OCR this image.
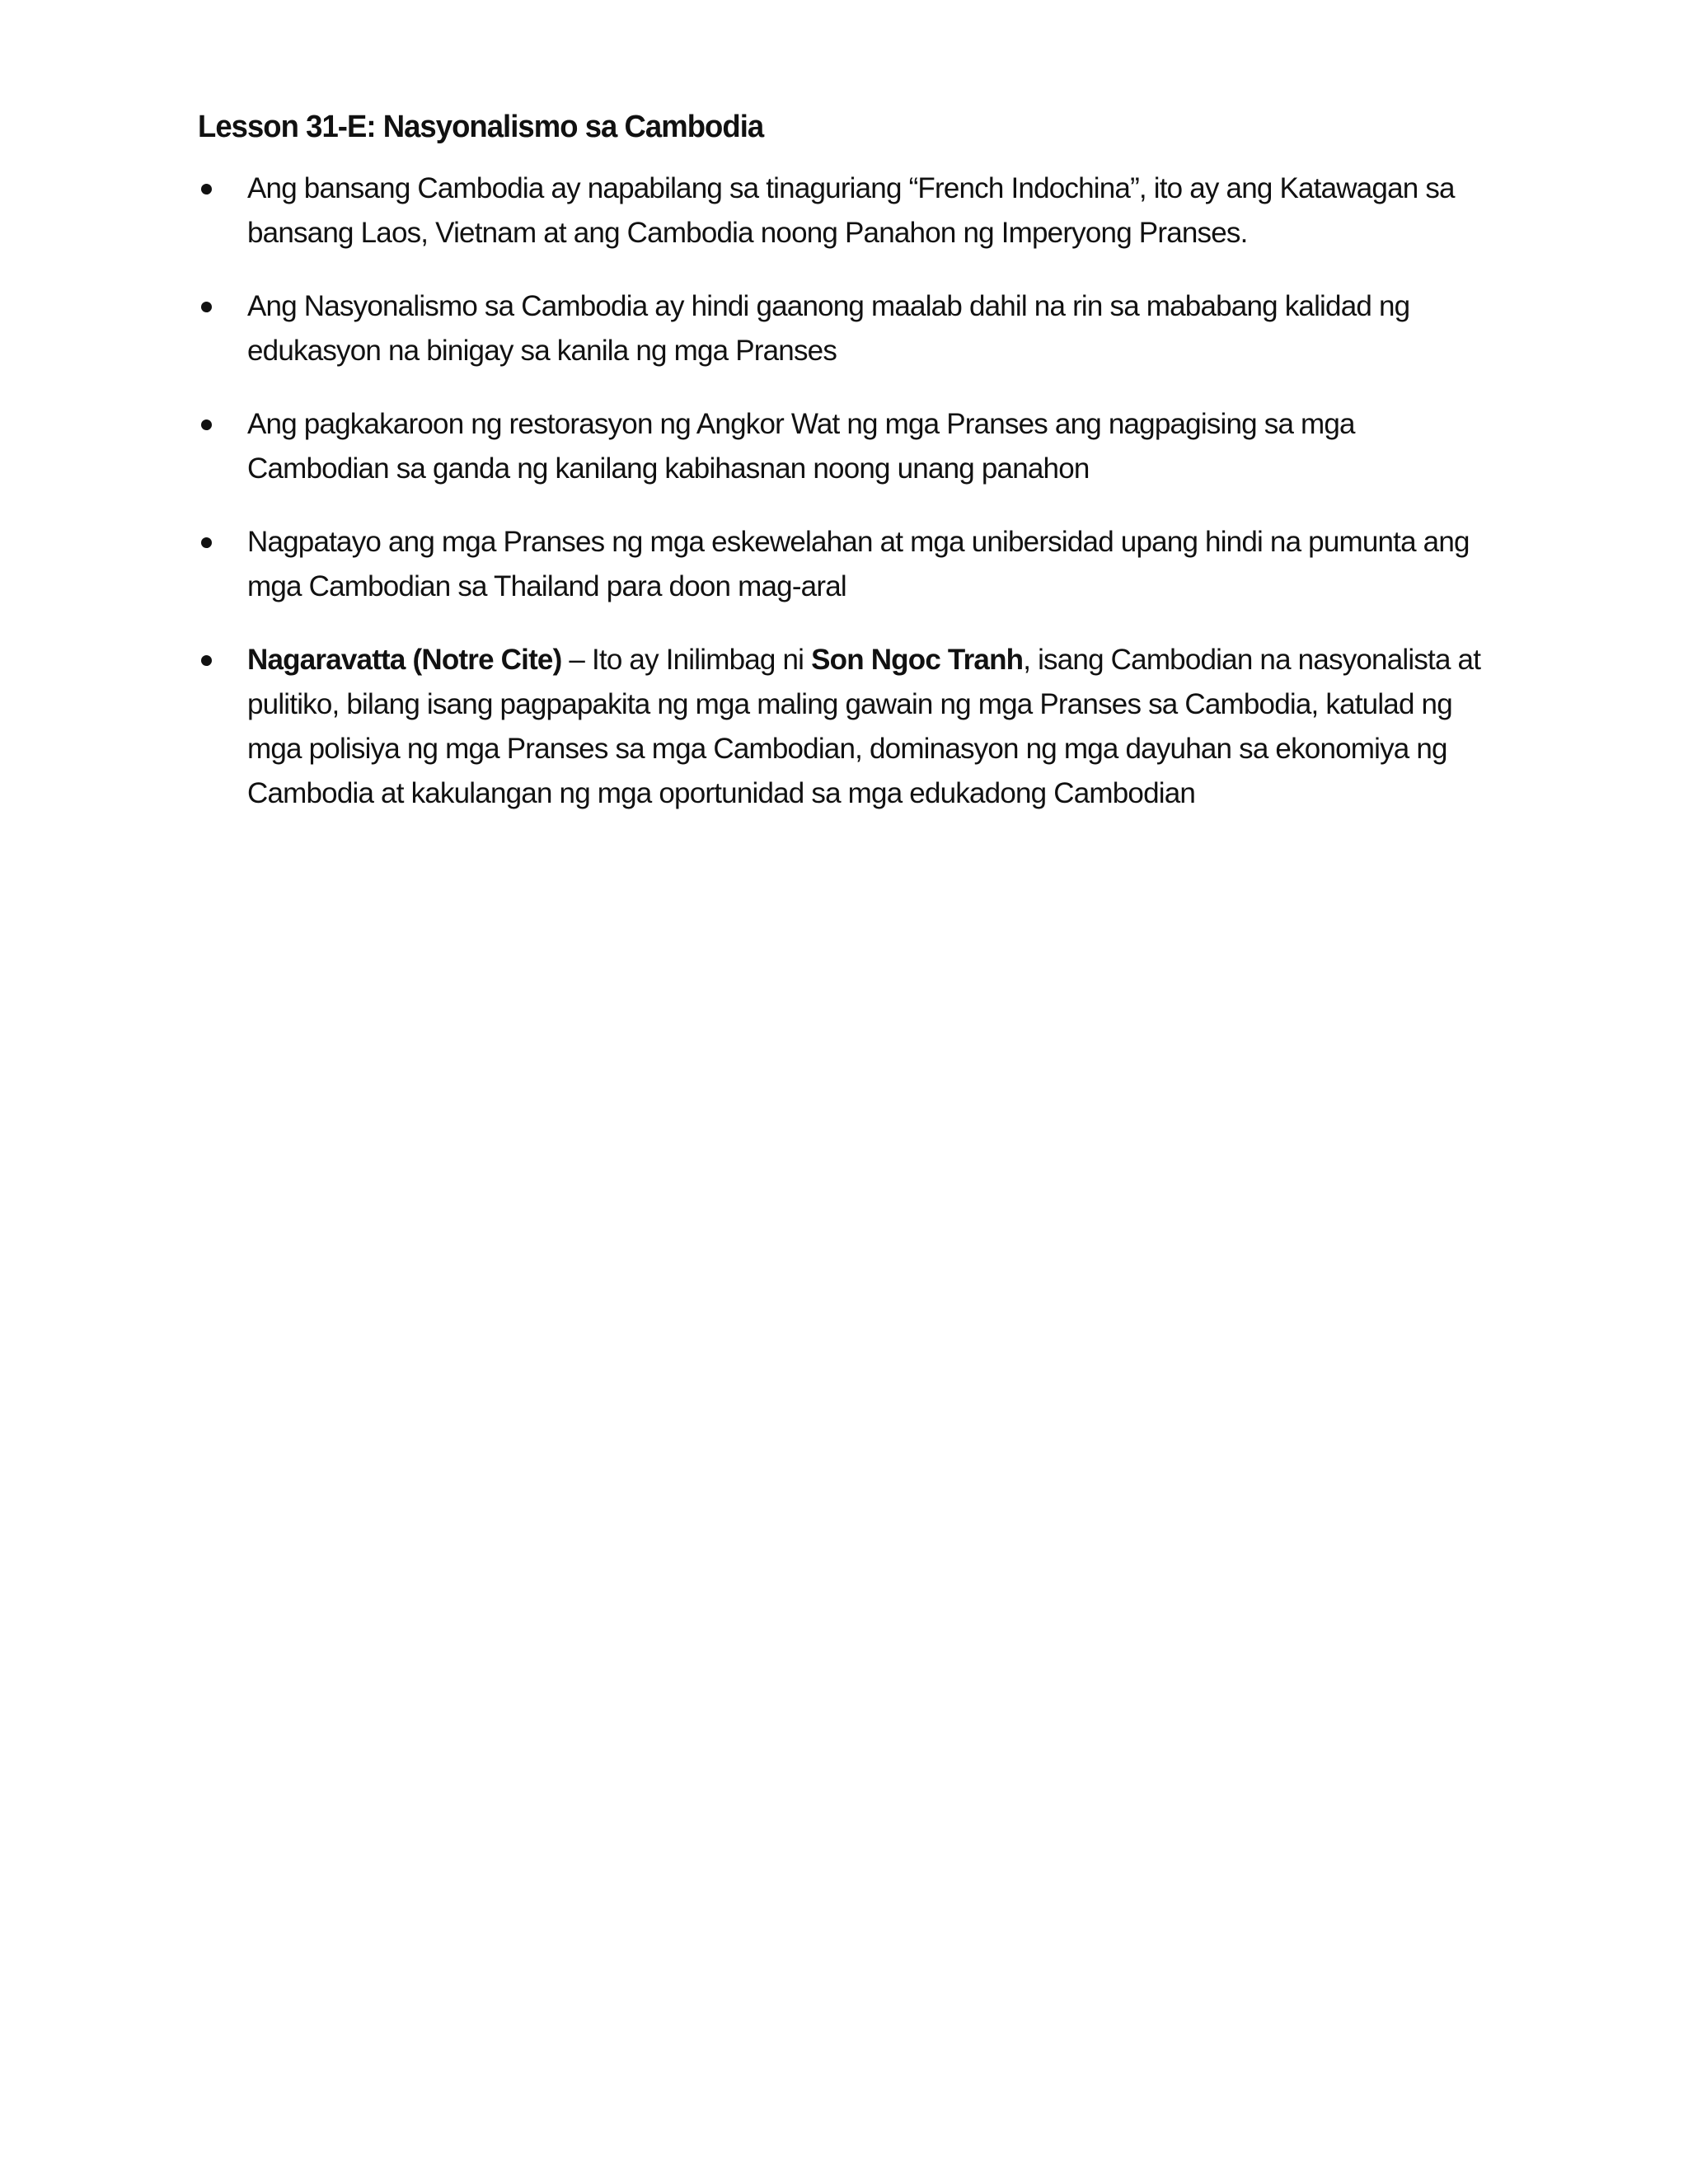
Lesson 31-E: Nasyonalismo sa Cambodia
Ang bansang Cambodia ay napabilang sa tinaguriang “French Indochina”, ito ay ang Katawagan sa bansang Laos, Vietnam at ang Cambodia noong Panahon ng Imperyong Pranses.
Ang Nasyonalismo sa Cambodia ay hindi gaanong maalab dahil na rin sa mababang kalidad ng edukasyon na binigay sa kanila ng mga Pranses
Ang pagkakaroon ng restorasyon ng Angkor Wat ng mga Pranses ang nagpagising sa mga Cambodian sa ganda ng kanilang kabihasnan noong unang panahon
Nagpatayo ang mga Pranses ng mga eskewelahan at mga unibersidad upang hindi na pumunta ang mga Cambodian sa Thailand para doon mag-aral
Nagaravatta (Notre Cite) – Ito ay Inilimbag ni Son Ngoc Tranh, isang Cambodian na nasyonalista at pulitiko, bilang isang pagpapakita ng mga maling gawain ng mga Pranses sa Cambodia, katulad ng mga polisiya ng mga Pranses sa mga Cambodian, dominasyon ng mga dayuhan sa ekonomiya ng Cambodia at kakulangan ng mga oportunidad sa mga edukadong Cambodian
